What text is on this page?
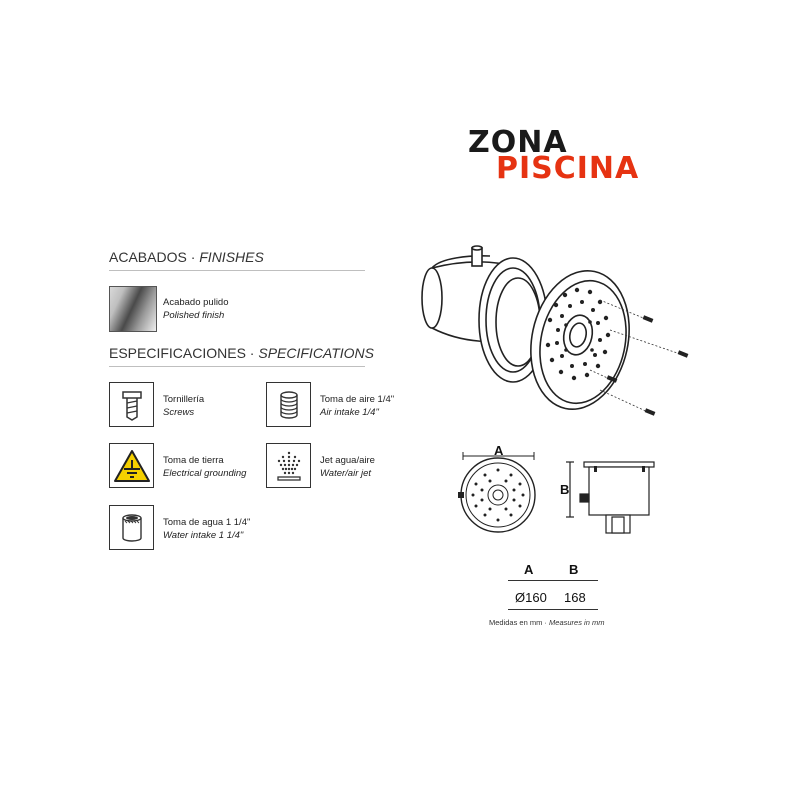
ZONA
PISCINA
ACABADOS · FINISHES
Acabado pulido
Polished finish
ESPECIFICACIONES · SPECIFICATIONS
Tornillería
Screws
Toma de aire 1/4"
Air intake 1/4"
Toma de tierra
Electrical grounding
Jet agua/aire
Water/air jet
Toma de agua 1 1/4"
Water intake 1 1/4"
A
B
A	B
Ø160 168
Medidas en mm · Measures in mm
